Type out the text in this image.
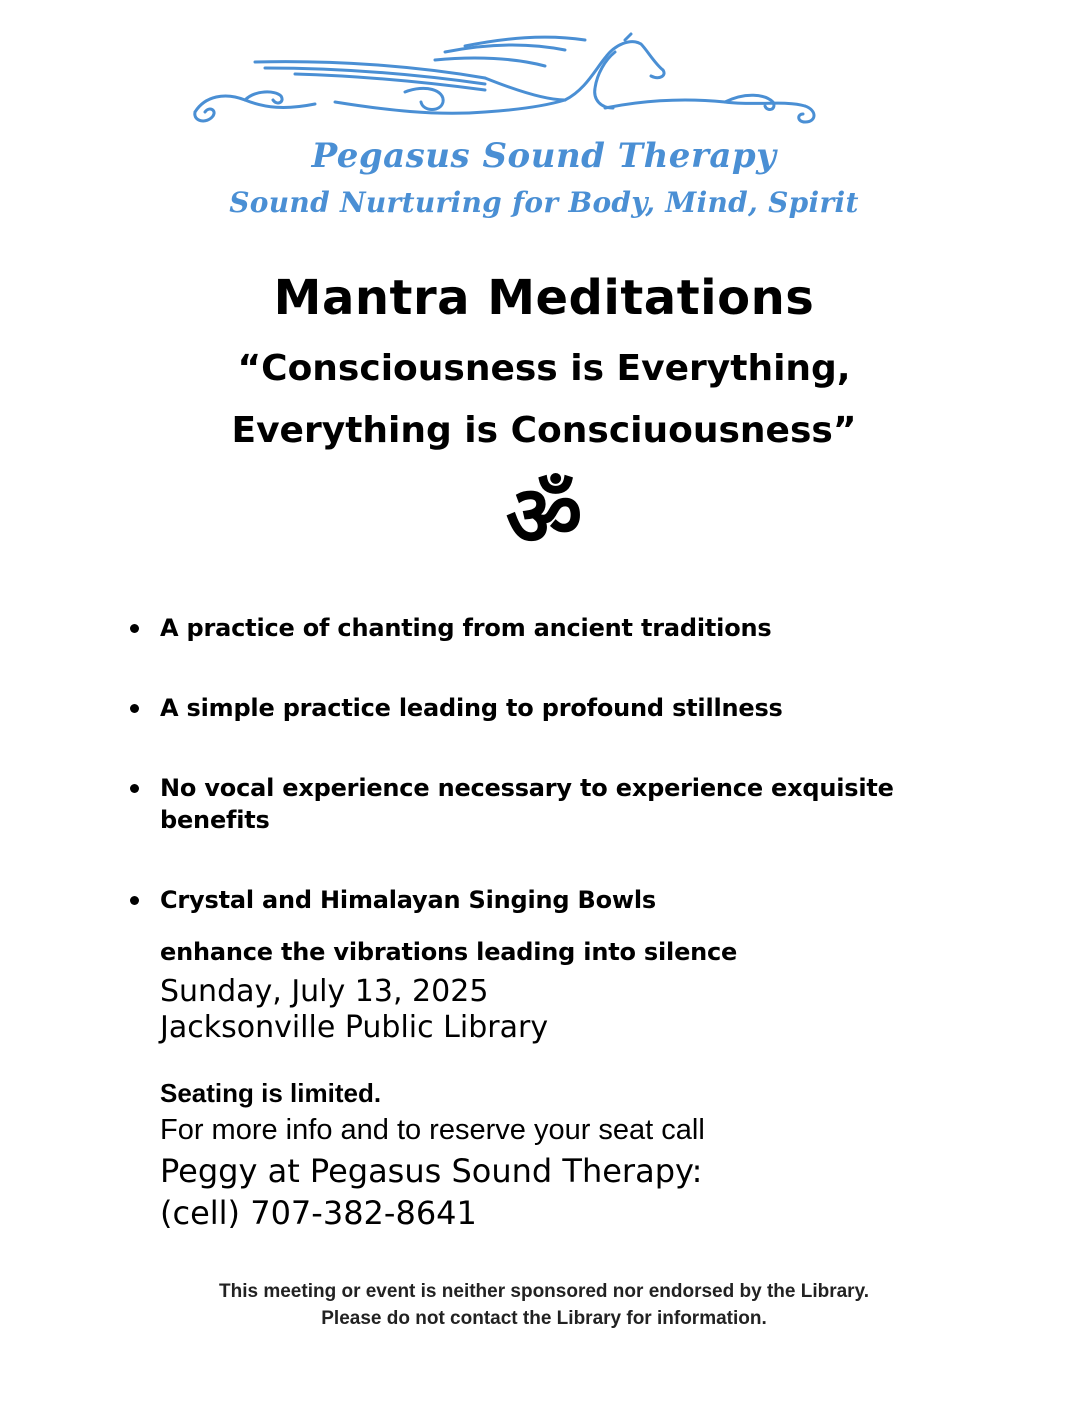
Pegasus Sound Therapy
Sound Nurturing for Body, Mind, Spirit
Mantra Meditations
“Consciousness is Everything,
Everything is Consciuousness”
ॐ
A practice of chanting from ancient traditions
A simple practice leading to profound stillness
No vocal experience necessary to experience exquisite benefits
Crystal and Himalayan Singing Bowls
enhance the vibrations leading into silence
Sunday, July 13, 2025
Jacksonville Public Library
Seating is limited.
For more info and to reserve your seat call
Peggy at Pegasus Sound Therapy:
(cell) 707-382-8641
This meeting or event is neither sponsored nor endorsed by the Library.
Please do not contact the Library for information.
